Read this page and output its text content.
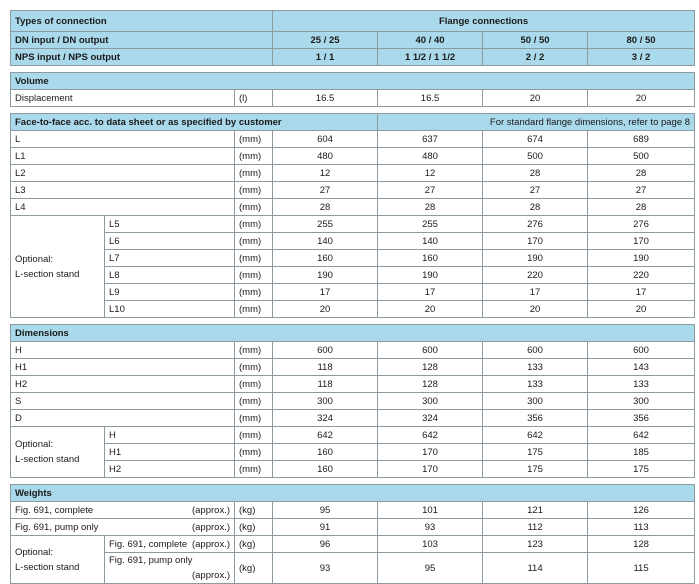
Types of connection			Flange connections			
DN input / DN output			25 / 25	40 / 40	50 / 50	80 / 50
NPS input / NPS output			1 / 1	1 1/2 / 1 1/2	2 / 2	3 / 2

Volume						
Displacement		(l)	16.5	16.5	20	20

Face-to-face acc. to data sheet or as specified by customer				For standard flange dimensions, refer to page 8		
L		(mm)	604	637	674	689
L1		(mm)	480	480	500	500
L2		(mm)	12	12	28	28
L3		(mm)	27	27	27	27
L4		(mm)	28	28	28	28

Optional:
L-section stand	L5	(mm)	255	255	276	276
	L6	(mm)	140	140	170	170
	L7	(mm)	160	160	190	190
	L8	(mm)	190	190	220	220
	L9	(mm)	17	17	17	17
	L10	(mm)	20	20	20	20

Dimensions						
H		(mm)	600	600	600	600
H1		(mm)	118	128	133	143
H2		(mm)	118	128	133	133
S		(mm)	300	300	300	300
D		(mm)	324	324	356	356

Optional:
L-section stand	H	(mm)	642	642	642	642
	H1	(mm)	160	170	175	185
	H2	(mm)	160	170	175	175

Weights						
Fig. 691, complete (approx.)		(kg)	95	101	121	126
Fig. 691, pump only (approx.)		(kg)	91	93	112	113

Optional:
L-section stand	Fig. 691, complete (approx.)	(kg)	96	103	123	128
	Fig. 691, pump only
(approx.)	(kg)	93	95	114	115
